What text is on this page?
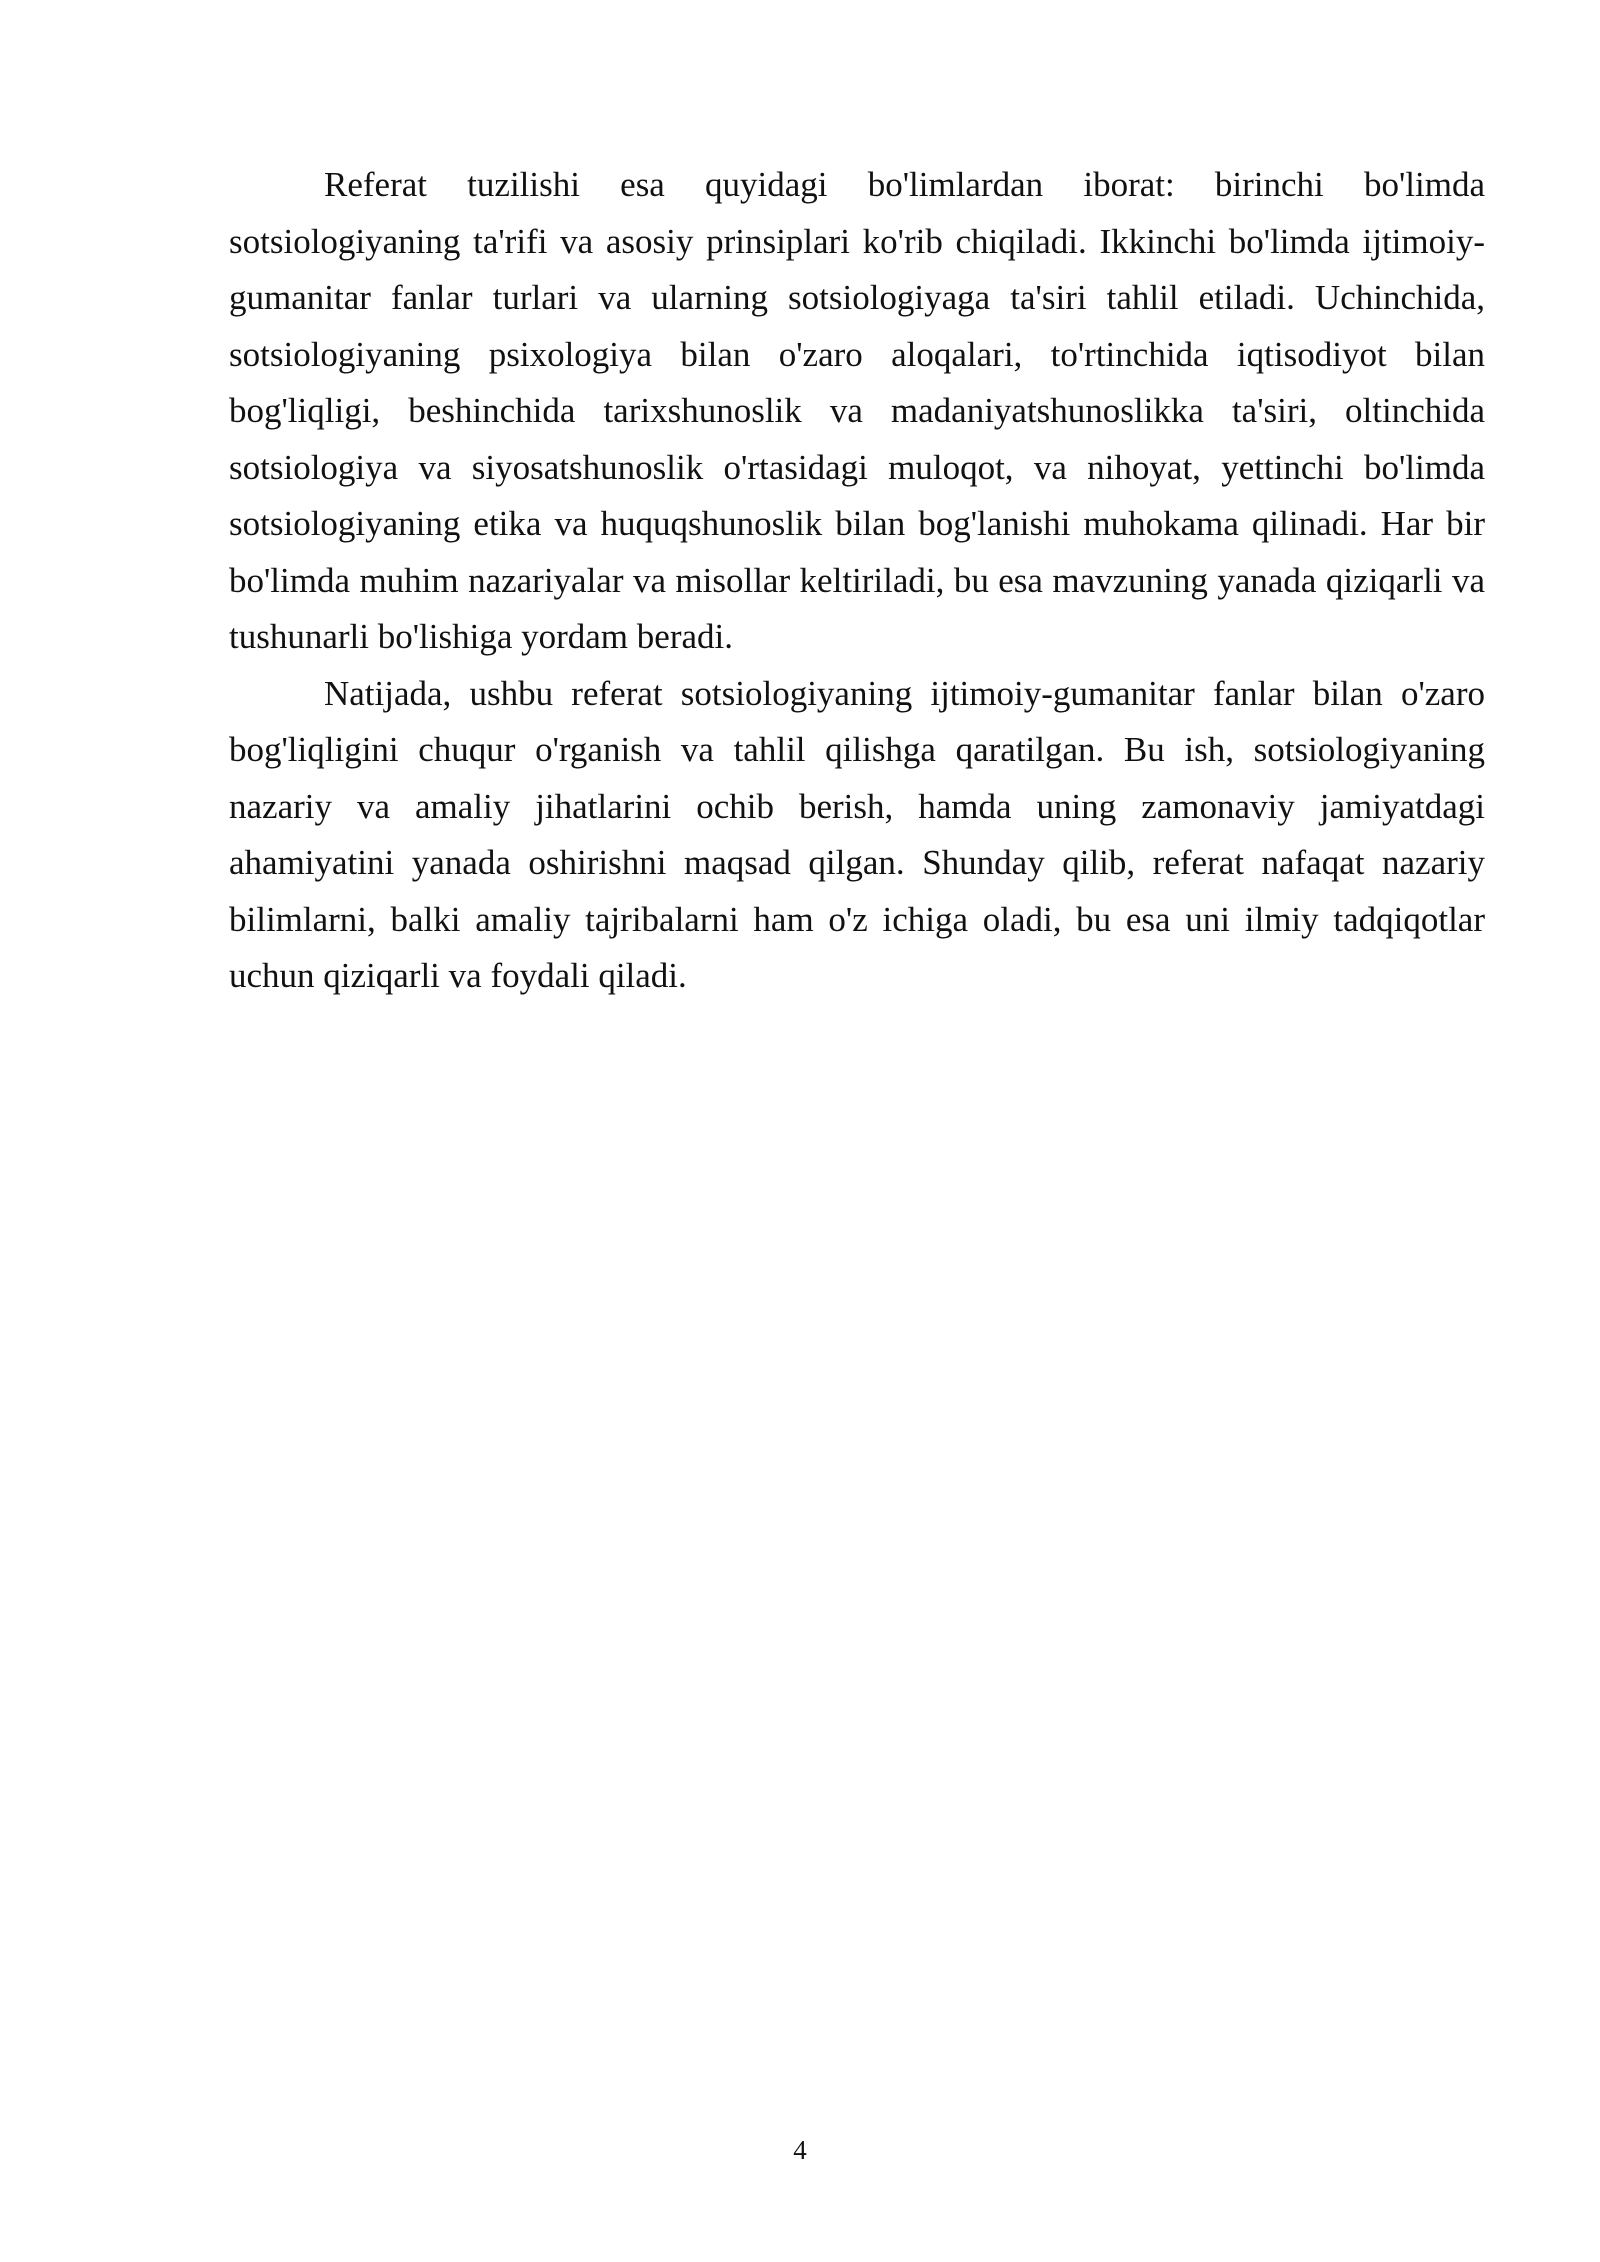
Referat tuzilishi esa quyidagi bo'limlardan iborat: birinchi bo'limda sotsiologiyaning ta'rifi va asosiy prinsiplari ko'rib chiqiladi. Ikkinchi bo'limda ijtimoiy-gumanitar fanlar turlari va ularning sotsiologiyaga ta'siri tahlil etiladi. Uchinchida, sotsiologiyaning psixologiya bilan o'zaro aloqalari, to'rtinchida iqtisodiyot bilan bog'liqligi, beshinchida tarixshunoslik va madaniyatshunoslikka ta'siri, oltinchida sotsiologiya va siyosatshunoslik o'rtasidagi muloqot, va nihoyat, yettinchi bo'limda sotsiologiyaning etika va huquqshunoslik bilan bog'lanishi muhokama qilinadi. Har bir bo'limda muhim nazariyalar va misollar keltiriladi, bu esa mavzuning yanada qiziqarli va tushunarli bo'lishiga yordam beradi.

Natijada, ushbu referat sotsiologiyaning ijtimoiy-gumanitar fanlar bilan o'zaro bog'liqligini chuqur o'rganish va tahlil qilishga qaratilgan. Bu ish, sotsiologiyaning nazariy va amaliy jihatlarini ochib berish, hamda uning zamonaviy jamiyatdagi ahamiyatini yanada oshirishni maqsad qilgan. Shunday qilib, referat nafaqat nazariy bilimlarni, balki amaliy tajribalarni ham o'z ichiga oladi, bu esa uni ilmiy tadqiqotlar uchun qiziqarli va foydali qiladi.

4
